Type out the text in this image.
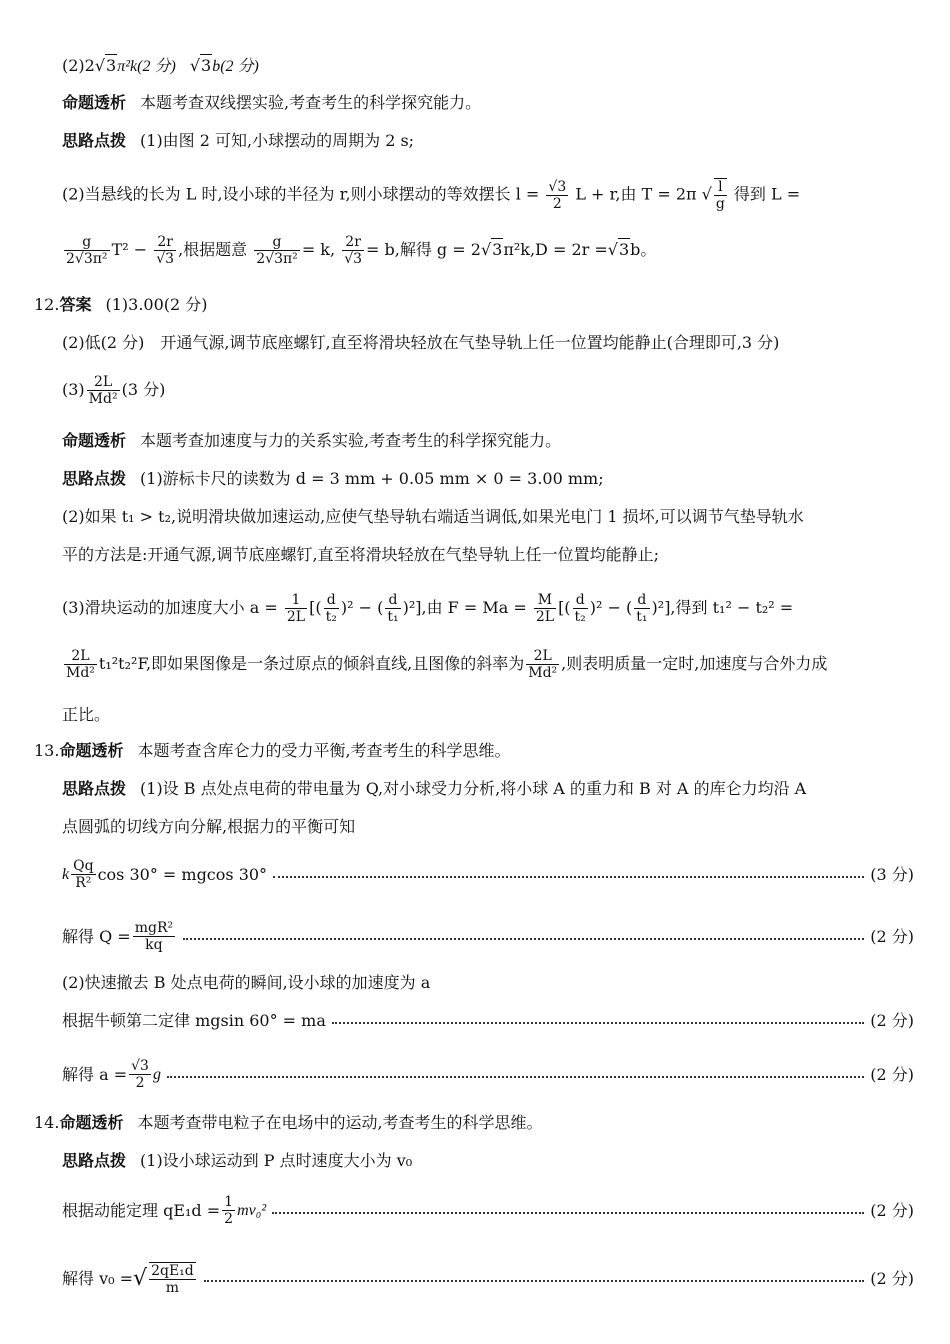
(2)2√3π²k(2 分) √3b(2 分)
命题透析 本题考查双线摆实验,考查考生的科学探究能力。
思路点拨 (1)由图 2 可知,小球摆动的周期为 2 s;
(2)当悬线的长为 L 时,设小球的半径为 r,则小球摆动的等效摆长 $l = \frac{√3}{2}$ L + r,由 T = 2π √ $\frac{l}{g}$ 得到 L =
$\frac{g}{\text{2√3π²}} T^2 - \frac{2r}{√3}$ ,根据题意 $\frac{g}{\text{2√3π²}} = k$, $\frac{2r}{√3} = b$,解得 g = 2√3π²k,D = 2r =√3b。
12.答案 (1)3.00(2 分)
(2)低(2 分)　开通气源,调节底座螺钉,直至将滑块轻放在气垫导轨上任一位置均能静止(合理即可,3 分)
$(3) \frac{2L}{\text{Md²}} (3$ 分)
命题透析 本题考查加速度与力的关系实验,考查考生的科学探究能力。
思路点拨 (1)游标卡尺的读数为 d = 3 mm + 0.05 mm × 0 = 3.00 mm;
(2)如果 t₁ > t₂,说明滑块做加速运动,应使气垫导轨右端适当调低,如果光电门 1 损坏,可以调节气垫导轨水
平的方法是:开通气源,调节底座螺钉,直至将滑块轻放在气垫导轨上任一位置均能静止;
(3)滑块运动的加速度大小 $a = \frac{1}{2L}$ [( $\frac{d}{\text{t₂}} )^2$ − ( $\frac{d}{\text{t₁}} )^2$],由 $F = Ma = \frac{M}{2L}$ [( $\frac{d}{\text{t₂}} )^2$ − ( $\frac{d}{\text{t₁}} )^2$],得到 t₁² − t₂² =
$\frac{2L}{\text{Md²}} t_1^2t_2^2F$,即如果图像是一条过原点的倾斜直线,且图像的斜率为 $\frac{2L}{\text{Md²}}$ ,则表明质量一定时,加速度与合外力成
正比。
13.命题透析 本题考查含库仑力的受力平衡,考查考生的科学思维。
思路点拨 (1)设 B 点处点电荷的带电量为 Q,对小球受力分析,将小球 A 的重力和 B 对 A 的库仑力均沿 A
点圆弧的切线方向分解,根据力的平衡可知
k Qq
R² cos 30° = mgcos 30°	(3 分)
解得 Q = mgR²
kq	(2 分)
(2)快速撤去 B 处点电荷的瞬间,设小球的加速度为 a
根据牛顿第二定律 mgsin 60° = ma	(2 分)
解得 $a = \frac{√3}{2}$ g	(2 分)
14.命题透析 本题考查带电粒子在电场中的运动,考查考生的科学思维。
思路点拨 (1)设小球运动到 P 点时速度大小为 v₀
根据动能定理 $qE_1d = \frac{1}{2} mv_0^2$	(2 分)
解得 v₀ = √ 2qE₁d
m	(2 分)
